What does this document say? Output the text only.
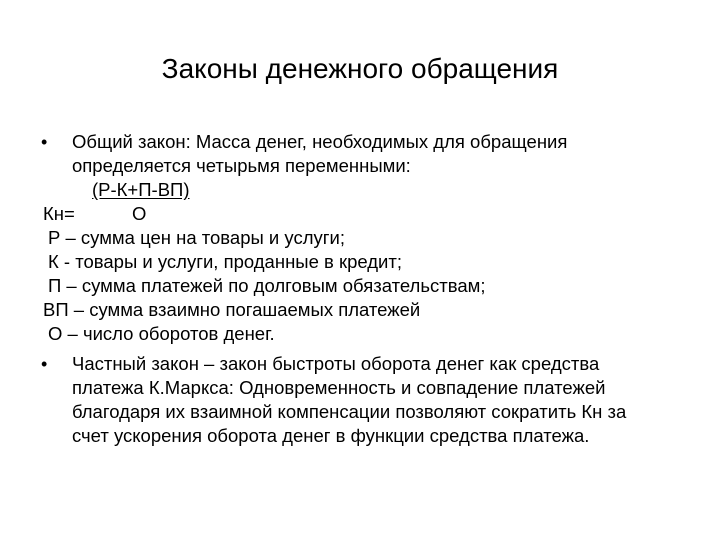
Законы денежного обращения
• Общий закон: Масса денег, необходимых для обращения
определяется четырьмя переменными:
(Р-К+П-ВП)
Кн=	О
Р – сумма цен на товары и услуги;
К - товары и услуги, проданные в кредит;
П – сумма платежей по долговым обязательствам;
ВП – сумма взаимно погашаемых платежей
О – число оборотов денег.
• Частный закон – закон быстроты оборота денег как средства
платежа К.Маркса: Одновременность и совпадение платежей
благодаря их взаимной компенсации позволяют сократить Кн за
счет ускорения оборота денег в функции средства платежа.
